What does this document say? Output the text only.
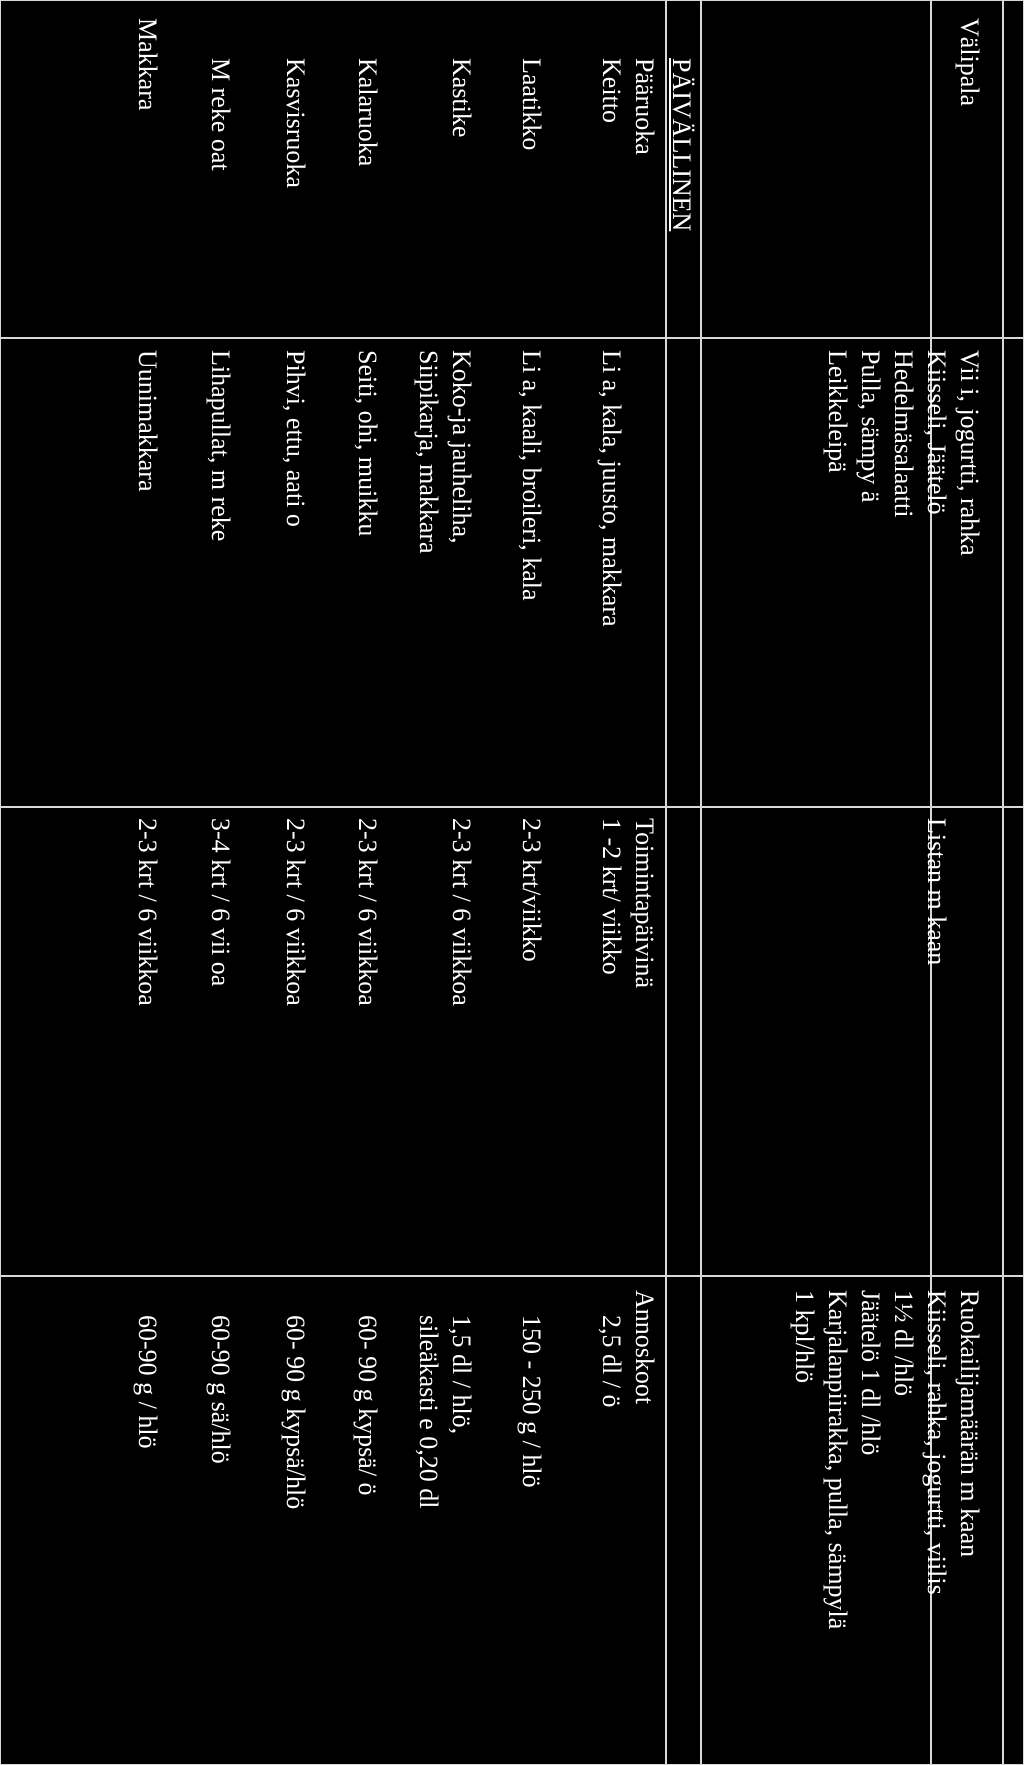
Välipala
Vii i, jogurtti, rahka
Kiisseli, Jäätelö
Hedelmäsalaatti
Pulla, sämpy ä
Leikkeleipä
Listan m kaan
Ruokailijamäärän m kaan
Kiisseli, rahka, jogurtti, viilis
1½ dl /hlö
Jäätelö 1 dl /hlö
Karjalanpiirakka, pulla, sämpylä
1 kpl/hlö
PÄIVÄLLINEN
Pääruoka
Toimintapäivinä
Annoskoot
Keitto
Li a, kala, juusto, makkara
1 -2 krt/ viikko
2,5 dl / ö
Laatikko
Li a, kaali, broileri, kala
2-3 krt/viikko
150 - 250 g / hlö
Kastike
Koko-ja jauheliha,
Siipikarja, makkara
2-3 krt / 6 viikkoa
1,5 dl / hlö,
sileäkasti e 0,20 dl
Kalaruoka
Seiti, ohi, muikku
2-3 krt / 6 viikkoa
60- 90 g kypsä/ ö
Kasvisruoka
Pihvi, ettu, aati o
2-3 krt / 6 viikkoa
60- 90 g kypsä/hlö
M reke oat
Lihapullat, m reke
3-4 krt / 6 vii oa
60-90 g sä/hlö
Makkara
Uunimakkara
2-3 krt / 6 viikkoa
60-90 g / hlö
